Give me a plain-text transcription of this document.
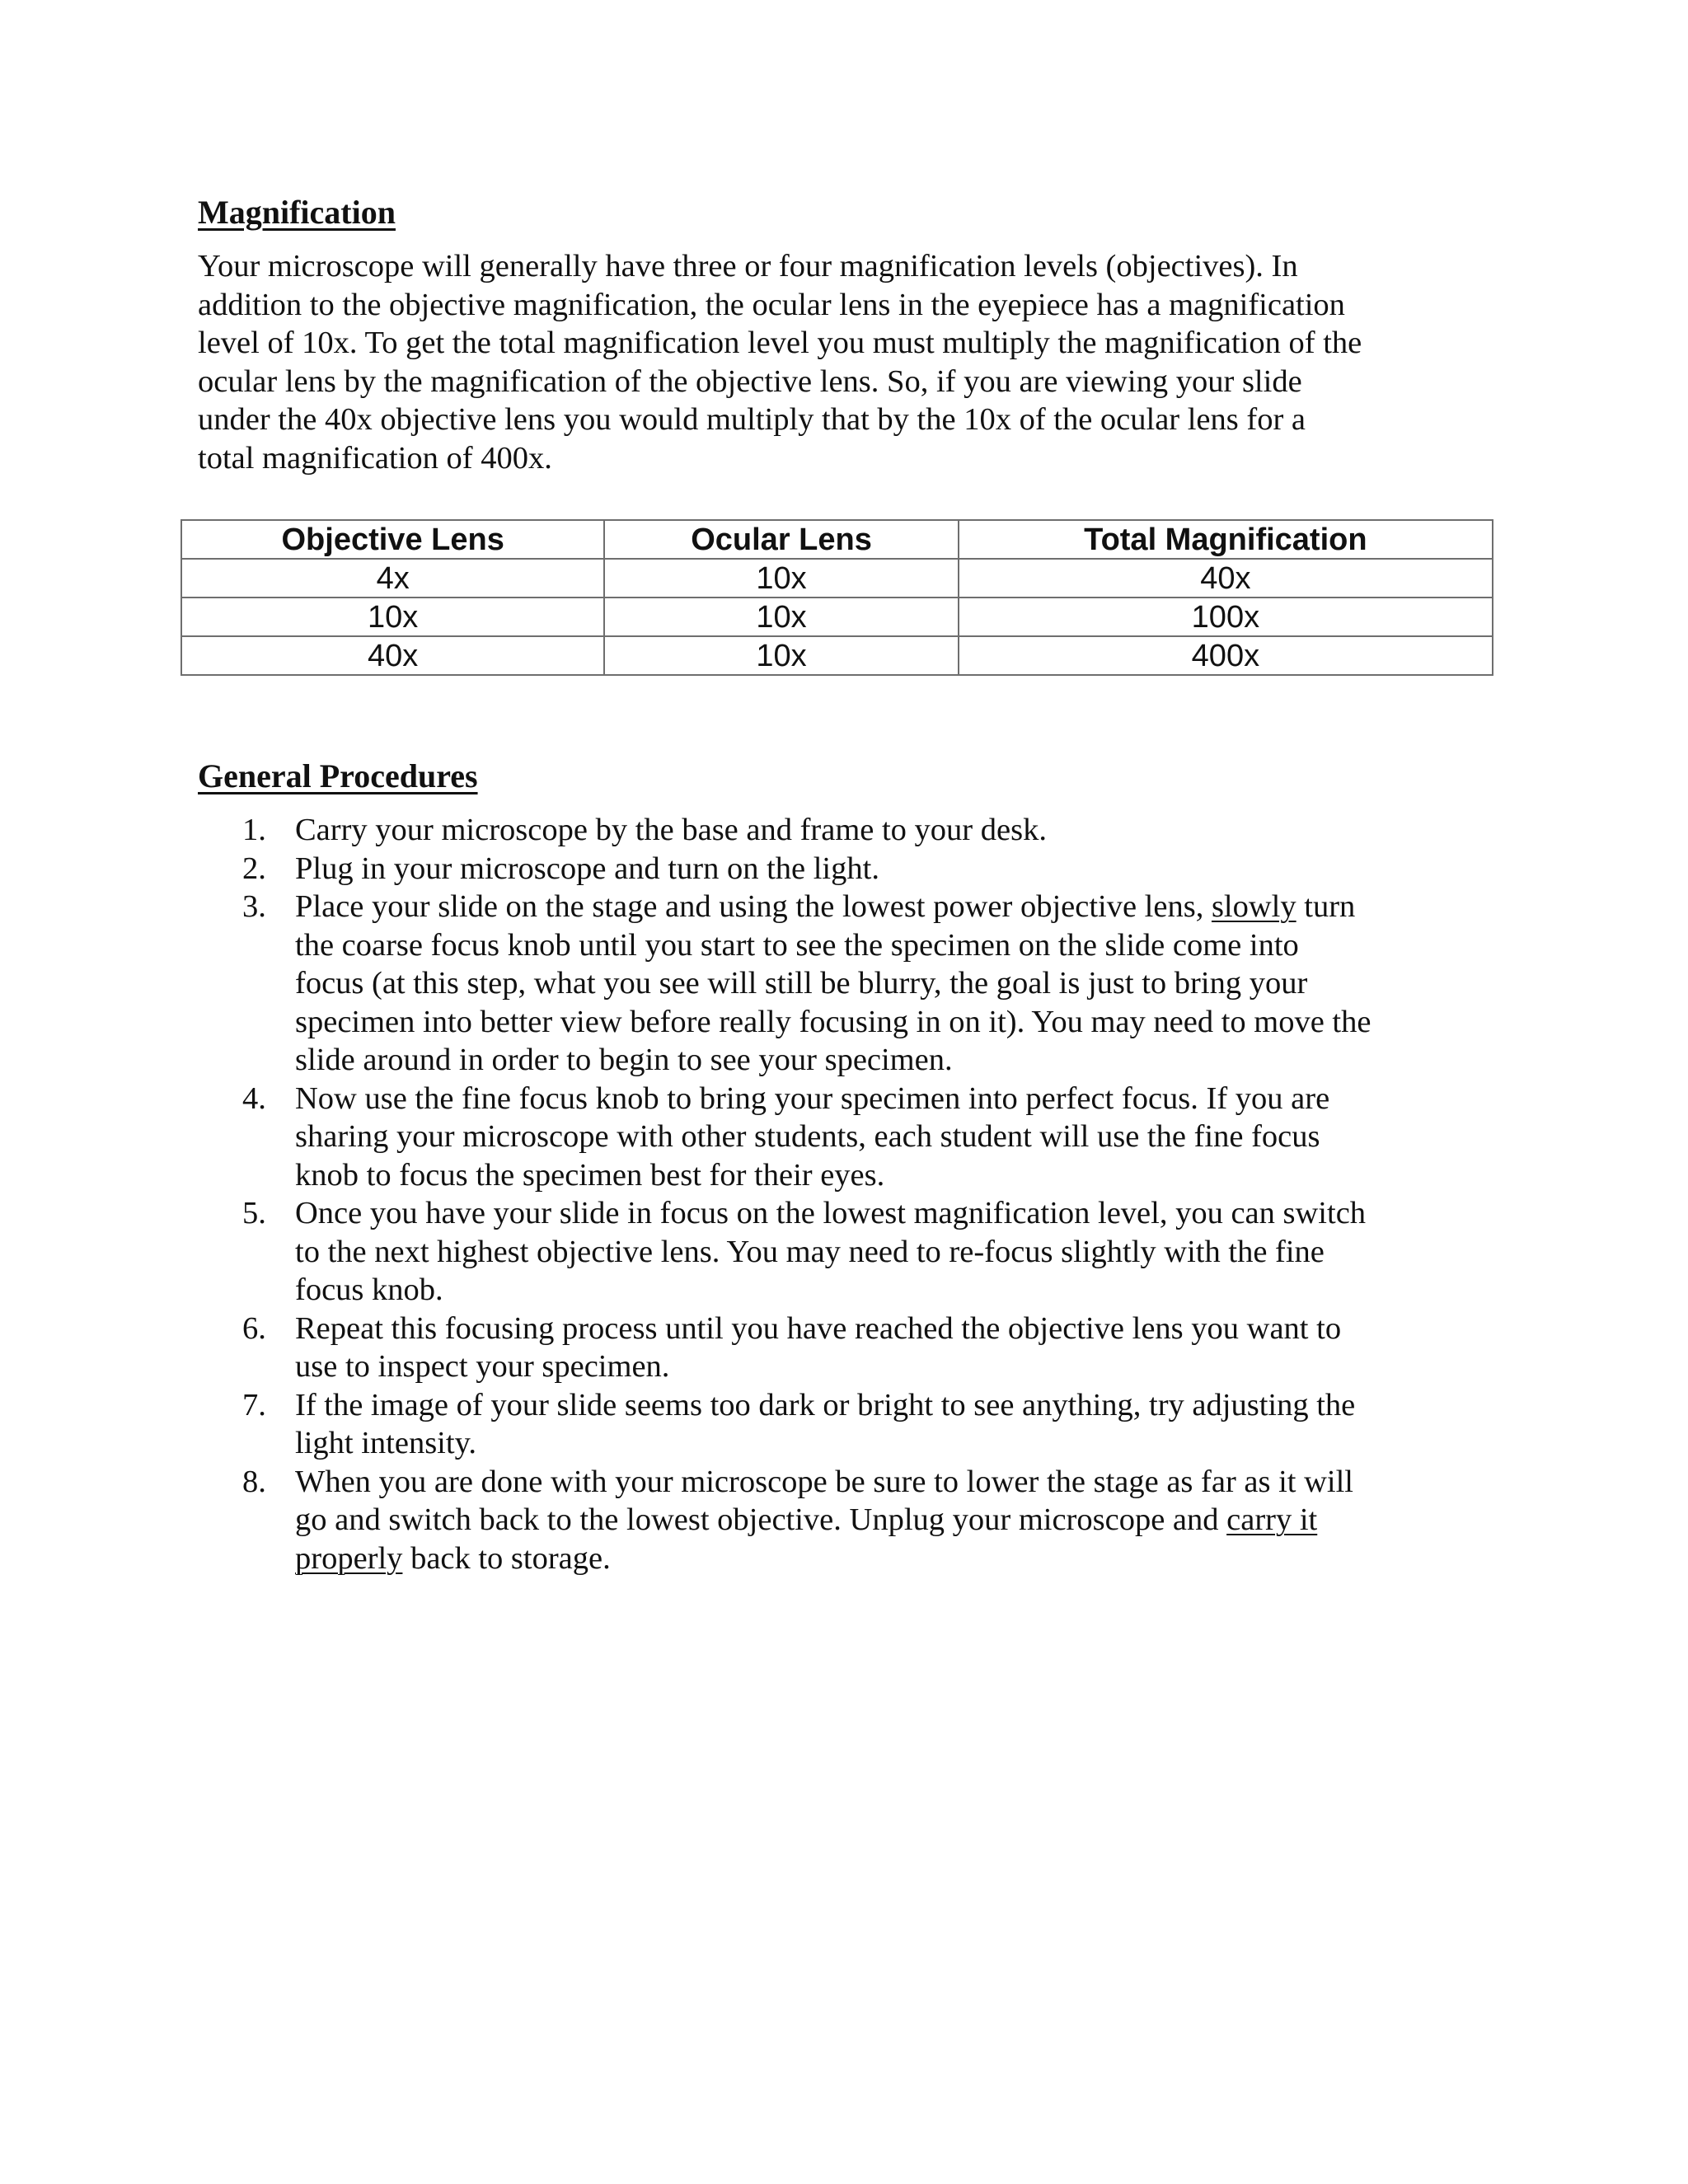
Magnification

Your microscope will generally have three or four magnification levels (objectives). In
addition to the objective magnification, the ocular lens in the eyepiece has a magnification
level of 10x. To get the total magnification level you must multiply the magnification of the
ocular lens by the magnification of the objective lens. So, if you are viewing your slide
under the 40x objective lens you would multiply that by the 10x of the ocular lens for a
total magnification of 400x.

Objective Lens	Ocular Lens	Total Magnification
4x	10x	40x
10x	10x	100x
40x	10x	400x
General Procedures
1. Carry your microscope by the base and frame to your desk.
2. Plug in your microscope and turn on the light.
3. Place your slide on the stage and using the lowest power objective lens, slowly turn
the coarse focus knob until you start to see the specimen on the slide come into
focus (at this step, what you see will still be blurry, the goal is just to bring your
specimen into better view before really focusing in on it). You may need to move the
slide around in order to begin to see your specimen.
4. Now use the fine focus knob to bring your specimen into perfect focus. If you are
sharing your microscope with other students, each student will use the fine focus
knob to focus the specimen best for their eyes.
5. Once you have your slide in focus on the lowest magnification level, you can switch
to the next highest objective lens. You may need to re-focus slightly with the fine
focus knob.
6. Repeat this focusing process until you have reached the objective lens you want to
use to inspect your specimen.
7. If the image of your slide seems too dark or bright to see anything, try adjusting the
light intensity.
8. When you are done with your microscope be sure to lower the stage as far as it will
go and switch back to the lowest objective. Unplug your microscope and carry it
properly back to storage.
